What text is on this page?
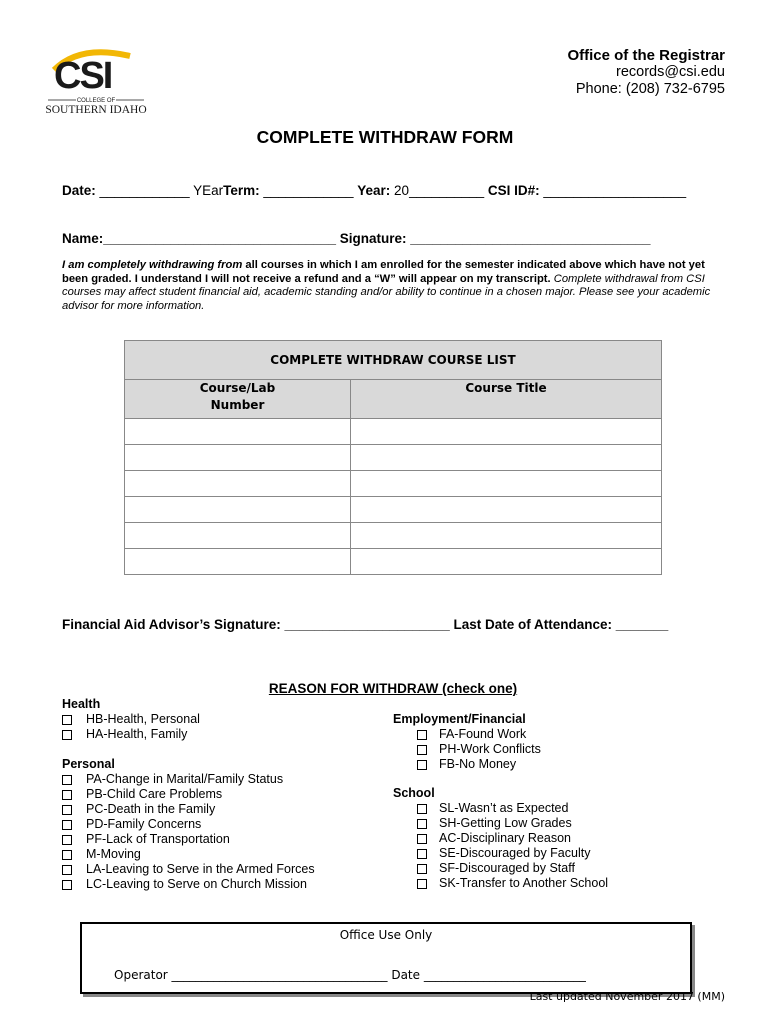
CSI
COLLEGE OF
SOUTHERN IDAHO
Office of the Registrar
records@csi.edu
Phone: (208) 732-6795
COMPLETE WITHDRAW FORM
Date: ____________ YEarTerm: ____________ Year: 20__________ CSI ID#: ___________________
Name:_______________________________ Signature: ________________________________
I am completely withdrawing from all courses in which I am enrolled for the semester indicated above which have not yet been graded. I understand I will not receive a refund and a “W” will appear on my transcript. Complete withdrawal from CSI courses may affect student financial aid, academic standing and/or ability to continue in a chosen major. Please see your academic advisor for more information.
COMPLETE WITHDRAW COURSE LIST	

Course/Lab
Number	Course Title

Financial Aid Advisor’s Signature: ______________________ Last Date of Attendance: _______
REASON FOR WITHDRAW (check one)
Health
HB-Health, Personal
HA-Health, Family
Personal
PA-Change in Marital/Family Status
PB-Child Care Problems
PC-Death in the Family
PD-Family Concerns
PF-Lack of Transportation
M-Moving
LA-Leaving to Serve in the Armed Forces
LC-Leaving to Serve on Church Mission
Employment/Financial
FA-Found Work
PH-Work Conflicts
FB-No Money
School
SL-Wasn’t as Expected
SH-Getting Low Grades
AC-Disciplinary Reason
SE-Discouraged by Faculty
SF-Discouraged by Staff
SK-Transfer to Another School
Office Use Only
Operator ____________________________________ Date ___________________________
Last updated November 2017 (MM)
